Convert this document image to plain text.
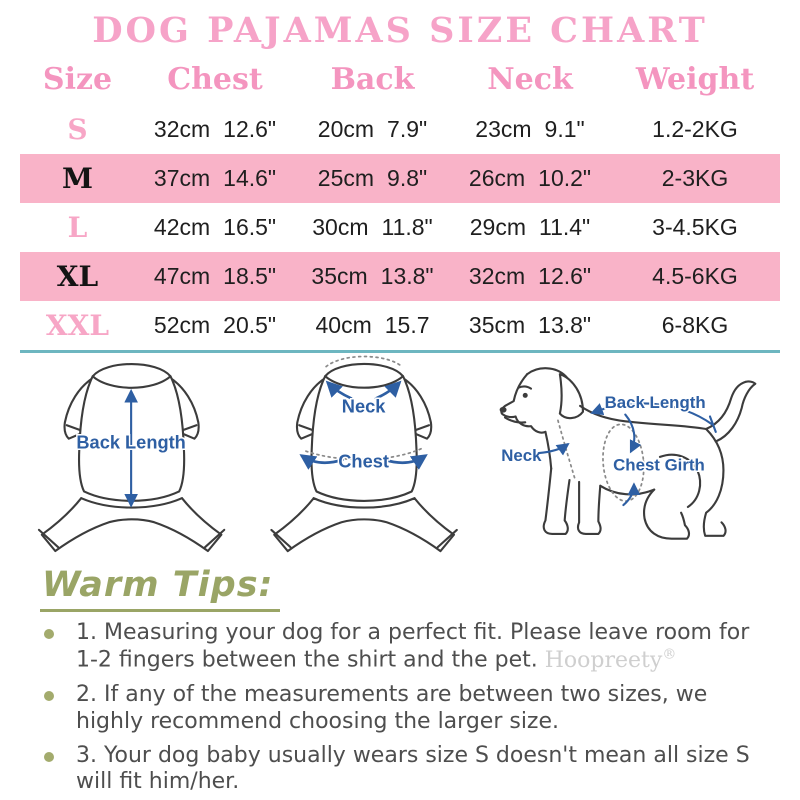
DOG PAJAMAS SIZE CHART
Size	Chest	Back	Neck	Weight
S	32cm 12.6" 20cm 7.9" 23cm 9.1"	1.2-2KG
M	37cm 14.6" 25cm 9.8" 26cm 10.2"	2-3KG
L	42cm 16.5" 30cm 11.8" 29cm 11.4"	3-4.5KG
XL	47cm 18.5" 35cm 13.8" 32cm 12.6"	4.5-6KG
XXL	52cm 20.5" 40cm 15.7 35cm 13.8"	6-8KG
Back Length
Neck
Chest
Back Length
Neck
Chest Girth
Warm Tips:

1. Measuring your dog for a perfect fit. Please leave room for 1-2 fingers between the shirt and the pet. Hoopreety®

2. If any of the measurements are between two sizes, we highly recommend choosing the larger size.

3. Your dog baby usually wears size S doesn't mean all size S will fit him/her.
